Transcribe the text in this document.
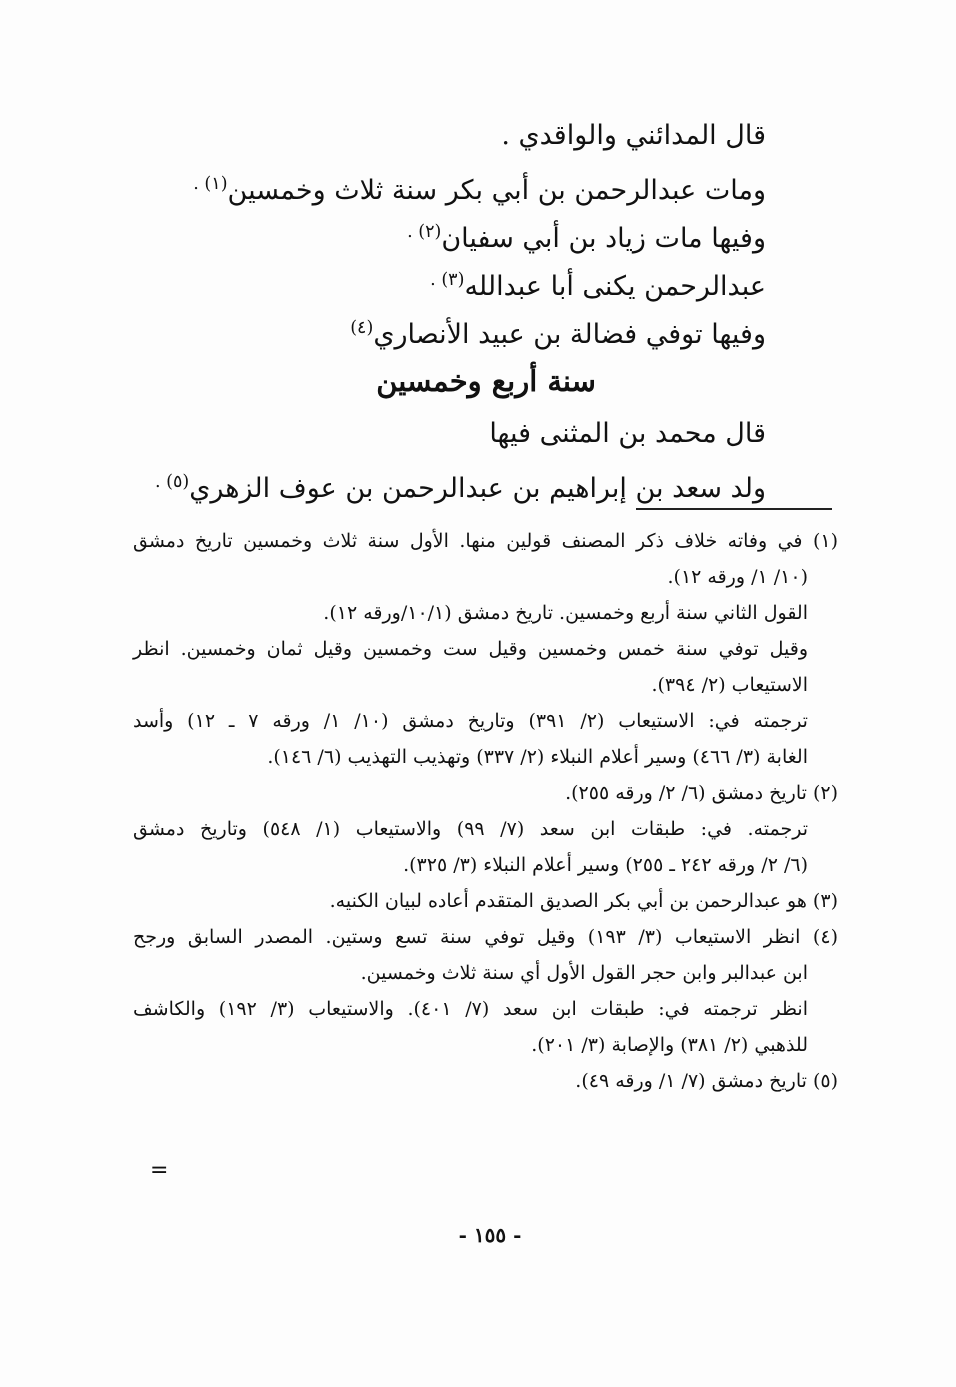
قال المدائني والواقدي .
ومات عبدالرحمن بن أبي بكر سنة ثلاث وخمسين$^{(١) .}$
وفيها مات زياد بن أبي سفيان$^{(٢) .}$
عبدالرحمن يكنى أبا عبدالله$^{(٣) .}$
وفيها توفي فضالة بن عبيد الأنصاري$^{(٤)}$
سنة أربع وخمسين
قال محمد بن المثنى فيها
ولد سعد بن إبراهيم بن عبدالرحمن بن عوف الزهري$^{(٥) .}$
(١) في وفاته خلاف ذكر المصنف قولين منها. الأول سنة ثلاث وخمسين تاريخ دمشق
(١٠/ ١/ ورقه ١٢).
القول الثاني سنة أربع وخمسين. تاريخ دمشق (١٠/١/ورقه ١٢).
وقيل توفي سنة خمس وخمسين وقيل ست وخمسين وقيل ثمان وخمسين. انظر
الاستيعاب (٢/ ٣٩٤).
ترجمته في: الاستيعاب (٢/ ٣٩١) وتاريخ دمشق (١٠/ ١/ ورقه ٧ ـ ١٢) وأسد
الغابة (٣/ ٤٦٦) وسير أعلام النبلاء (٢/ ٣٣٧) وتهذيب التهذيب (٦/ ١٤٦).
(٢) تاريخ دمشق (٦/ ٢/ ورقه ٢٥٥).
ترجمته. في: طبقات ابن سعد (٧/ ٩٩) والاستيعاب (١/ ٥٤٨) وتاريخ دمشق
(٦/ ٢/ ورقه ٢٤٢ ـ ٢٥٥) وسير أعلام النبلاء (٣/ ٣٢٥).
(٣) هو عبدالرحمن بن أبي بكر الصديق المتقدم أعاده لبيان الكنيه.
(٤) انظر الاستيعاب (٣/ ١٩٣) وقيل توفي سنة تسع وستين. المصدر السابق ورجح
ابن عبدالبر وابن حجر القول الأول أي سنة ثلاث وخمسين.
انظر ترجمته في: طبقات ابن سعد (٧/ ٤٠١). والاستيعاب (٣/ ١٩٢) والكاشف
للذهبي (٢/ ٣٨١) والإصابة (٣/ ٢٠١).
(٥) تاريخ دمشق (٧/ ١/ ورقه ٤٩).
=
- ١٥٥ -
